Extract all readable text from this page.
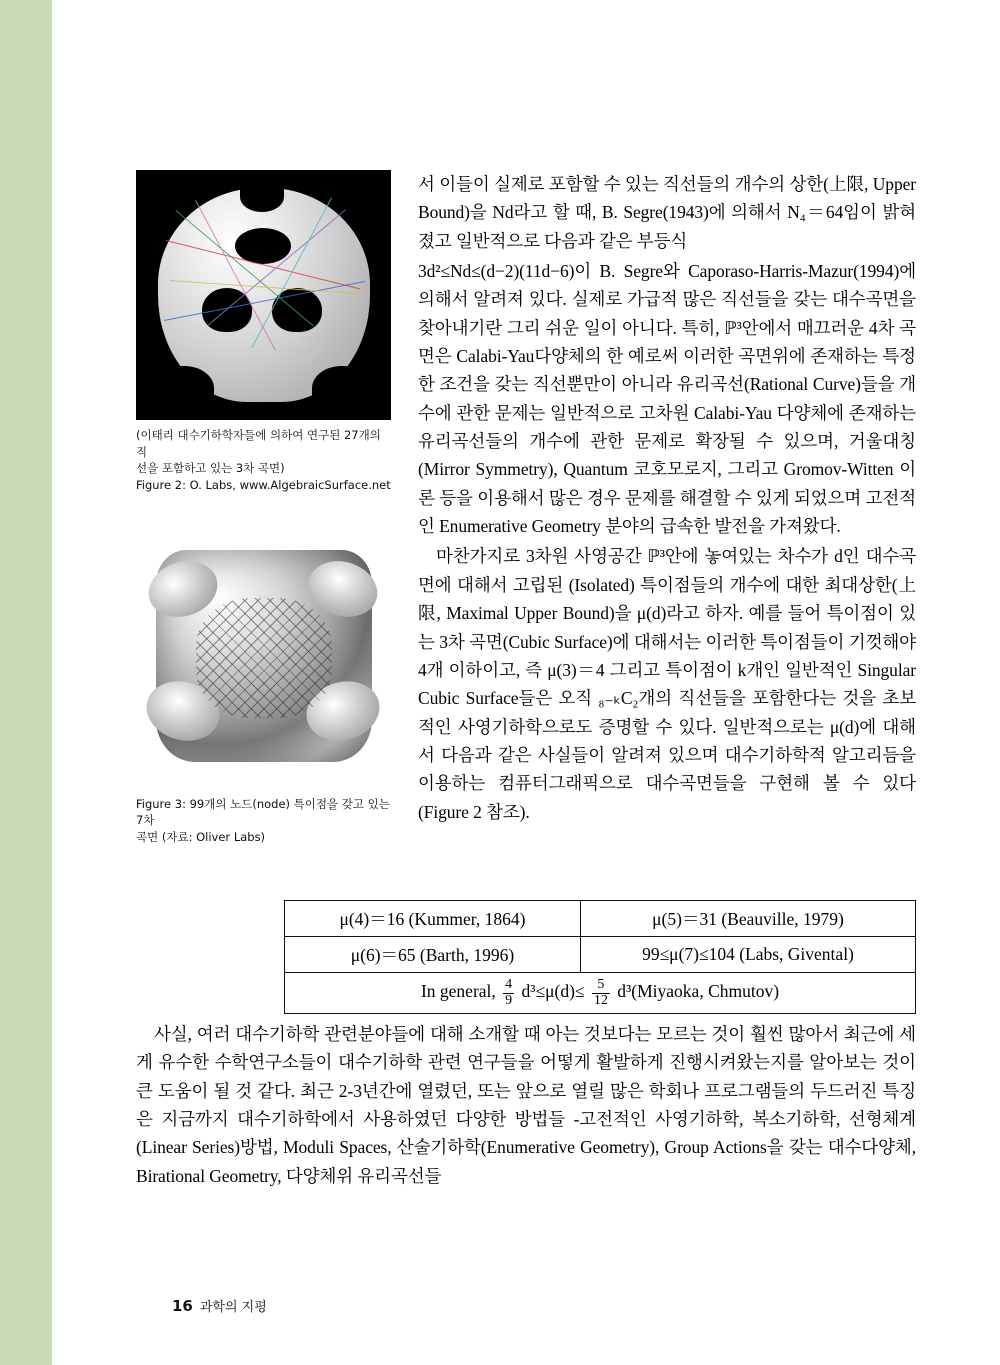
(이태리 대수기하학자들에 의하여 연구된 27개의 직
선을 포함하고 있는 3차 곡면)
Figure 2: O. Labs, www.AlgebraicSurface.net
Figure 3: 99개의 노드(node) 특이점을 갖고 있는 7차
곡면 (자료: Oliver Labs)

서 이들이 실제로 포함할 수 있는 직선들의 개수의 상한(上限, Upper Bound)을 Nd라고 할 때, B. Segre(1943)에 의해서 N₄＝64임이 밝혀졌고 일반적으로 다음과 같은 부등식

3d²≤Nd≤(d−2)(11d−6)이 B. Segre와 Caporaso-Harris-Mazur(1994)에 의해서 알려져 있다. 실제로 가급적 많은 직선들을 갖는 대수곡면을 찾아내기란 그리 쉬운 일이 아니다. 특히, ℙ³안에서 매끄러운 4차 곡면은 Calabi-Yau다양체의 한 예로써 이러한 곡면위에 존재하는 특정한 조건을 갖는 직선뿐만이 아니라 유리곡선(Rational Curve)들을 개수에 관한 문제는 일반적으로 고차원 Calabi-Yau 다양체에 존재하는 유리곡선들의 개수에 관한 문제로 확장될 수 있으며, 거울대칭(Mirror Symmetry), Quantum 코호모로지, 그리고 Gromov-Witten 이론 등을 이용해서 많은 경우 문제를 해결할 수 있게 되었으며 고전적인 Enumerative Geometry 분야의 급속한 발전을 가져왔다.

마찬가지로 3차원 사영공간 ℙ³안에 놓여있는 차수가 d인 대수곡면에 대해서 고립된 (Isolated) 특이점들의 개수에 대한 최대상한(上限, Maximal Upper Bound)을 μ(d)라고 하자. 예를 들어 특이점이 있는 3차 곡면(Cubic Surface)에 대해서는 이러한 특이점들이 기껏해야 4개 이하이고, 즉 μ(3)＝4 그리고 특이점이 k개인 일반적인 Singular Cubic Surface들은 오직 ₈₋ₖC₂개의 직선들을 포함한다는 것을 초보적인 사영기하학으로도 증명할 수 있다. 일반적으로는 μ(d)에 대해서 다음과 같은 사실들이 알려져 있으며 대수기하학적 알고리듬을 이용하는 컴퓨터그래픽으로 대수곡면들을 구현해 볼 수 있다 (Figure 2 참조).

μ(4)＝16 (Kummer, 1864)	μ(5)＝31 (Beauville, 1979)
μ(6)＝65 (Barth, 1996)	99≤μ(7)≤104 (Labs, Givental)
In general, $\frac{4}{9} d^3\le\mu(d)\le \frac{5}{12}$ d³(Miyaoka, Chmutov)

사실, 여러 대수기하학 관련분야들에 대해 소개할 때 아는 것보다는 모르는 것이 훨씬 많아서 최근에 세게 유수한 수학연구소들이 대수기하학 관련 연구들을 어떻게 활발하게 진행시켜왔는지를 알아보는 것이 큰 도움이 될 것 같다. 최근 2-3년간에 열렸던, 또는 앞으로 열릴 많은 학회나 프로그램들의 두드러진 특징은 지금까지 대수기하학에서 사용하였던 다양한 방법들 -고전적인 사영기하학, 복소기하학, 선형체계 (Linear Series)방법, Moduli Spaces, 산술기하학(Enumerative Geometry), Group Actions을 갖는 대수다양체, Birational Geometry, 다양체위 유리곡선들

16 과학의 지평
